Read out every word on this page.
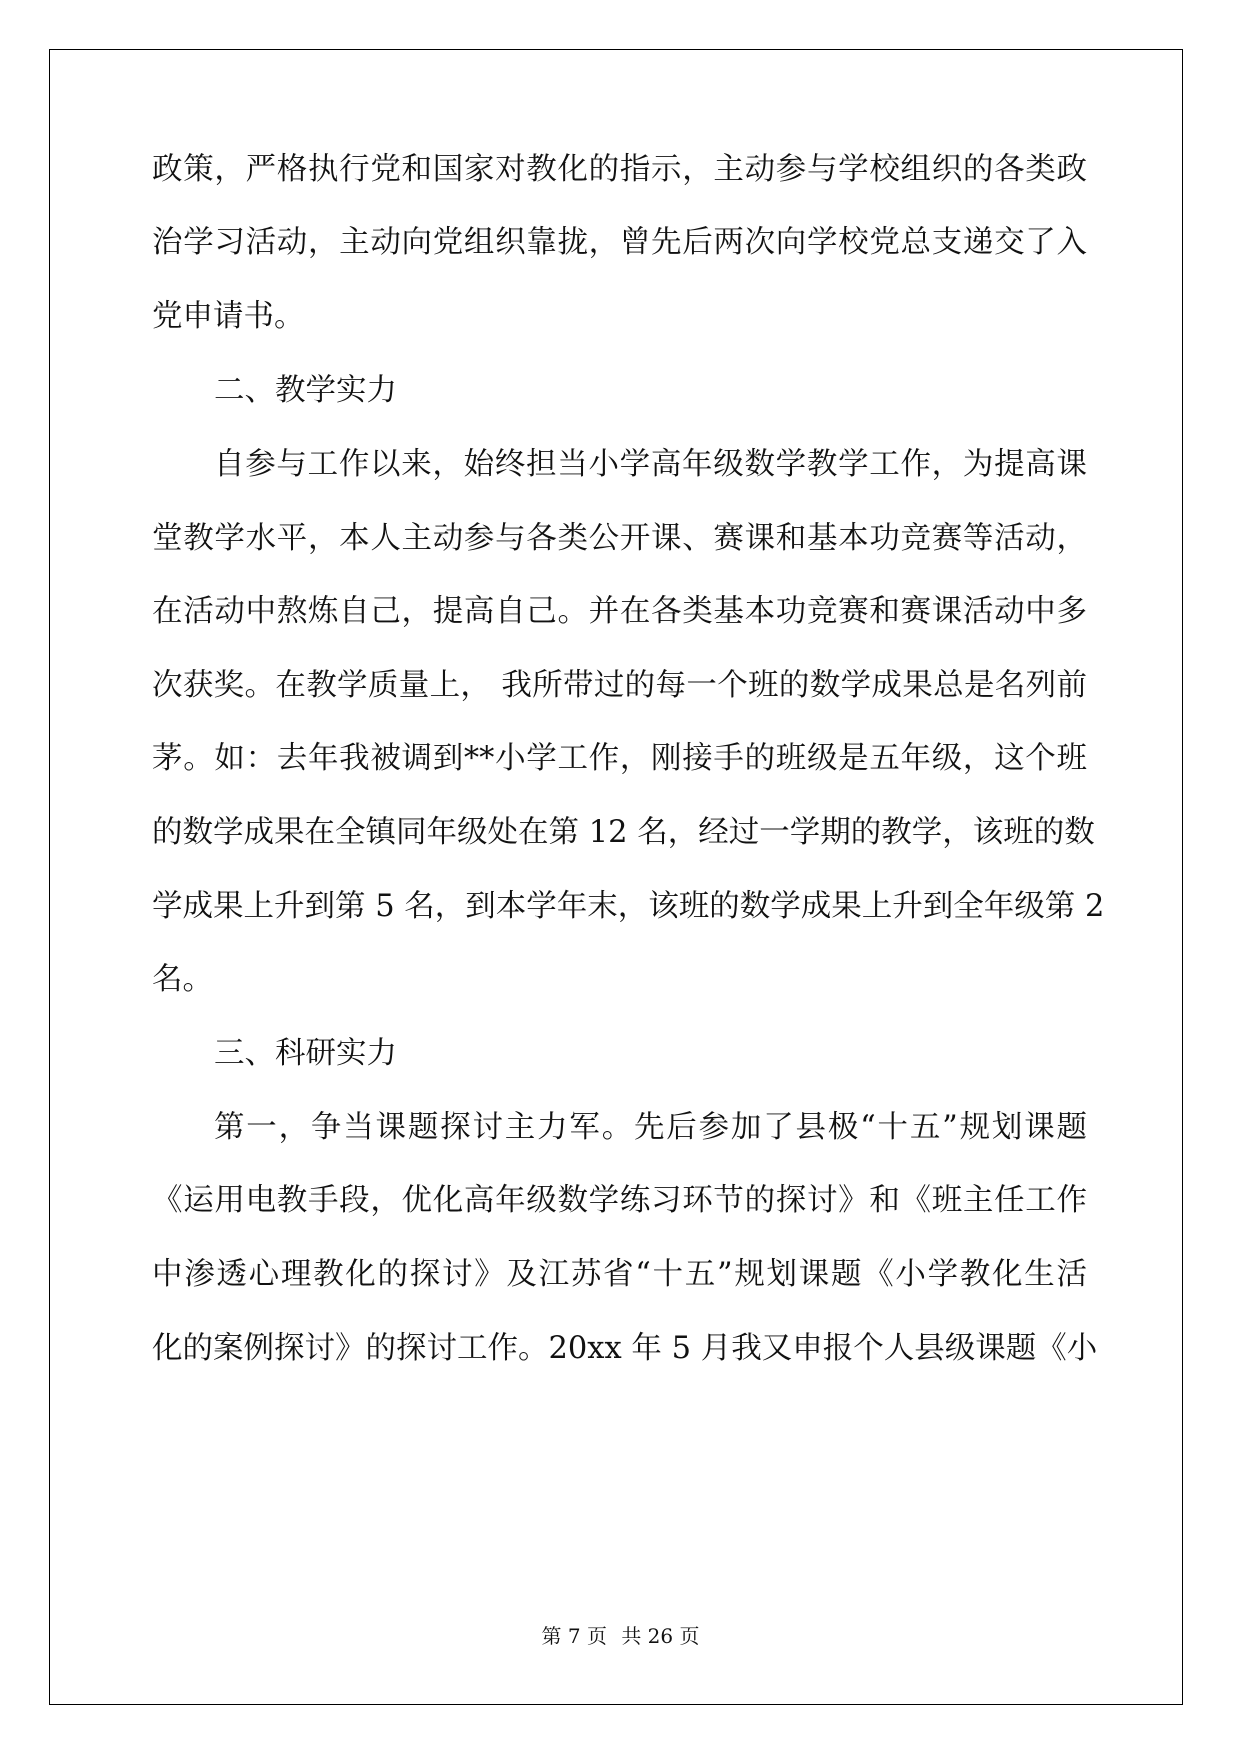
政策，严格执行党和国家对教化的指示，主动参与学校组织的各类政
治学习活动，主动向党组织靠拢，曾先后两次向学校党总支递交了入
党申请书。
二、教学实力
自参与工作以来，始终担当小学高年级数学教学工作，为提高课
堂教学水平，本人主动参与各类公开课、赛课和基本功竞赛等活动，
在活动中熬炼自己，提高自己。并在各类基本功竞赛和赛课活动中多
次获奖。在教学质量上， 我所带过的每一个班的数学成果总是名列前
茅。如：去年我被调到**小学工作，刚接手的班级是五年级，这个班
的数学成果在全镇同年级处在第 12 名，经过一学期的教学，该班的数
学成果上升到第 5 名，到本学年末，该班的数学成果上升到全年级第 2
名。
三、科研实力
第一，争当课题探讨主力军。先后参加了县极“十五”规划课题
《运用电教手段，优化高年级数学练习环节的探讨》和《班主任工作
中渗透心理教化的探讨》及江苏省“十五”规划课题《小学教化生活
化的案例探讨》的探讨工作。20xx 年 5 月我又申报个人县级课题《小
第 7 页 共 26 页
